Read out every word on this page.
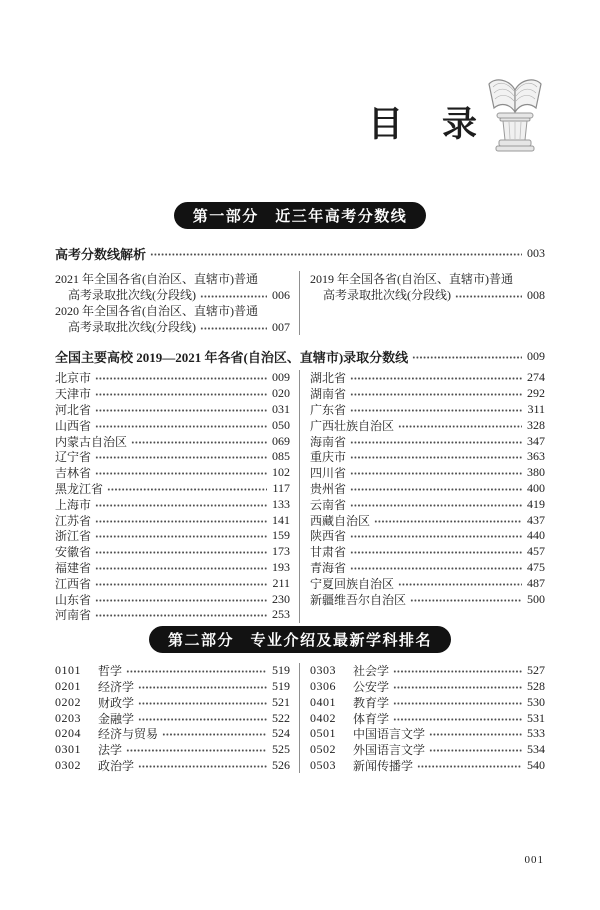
目　录
第一部分　近三年高考分数线
高考分数线解析	003
2021 年全国各省(自治区、直辖市)普通
高考录取批次线(分段线)	006
2020 年全国各省(自治区、直辖市)普通
高考录取批次线(分段线)	007
2019 年全国各省(自治区、直辖市)普通
高考录取批次线(分段线)	008
全国主要高校 2019—2021 年各省(自治区、直辖市)录取分数线	009
北京市	009
天津市	020
河北省	031
山西省	050
内蒙古自治区	069
辽宁省	085
吉林省	102
黑龙江省	117
上海市	133
江苏省	141
浙江省	159
安徽省	173
福建省	193
江西省	211
山东省	230
河南省	253
湖北省	274
湖南省	292
广东省	311
广西壮族自治区	328
海南省	347
重庆市	363
四川省	380
贵州省	400
云南省	419
西藏自治区	437
陕西省	440
甘肃省	457
青海省	475
宁夏回族自治区	487
新疆维吾尔自治区	500
第二部分　专业介绍及最新学科排名
0101	哲学	519
0201	经济学	519
0202	财政学	521
0203	金融学	522
0204	经济与贸易	524
0301	法学	525
0302	政治学	526
0303	社会学	527
0306	公安学	528
0401	教育学	530
0402	体育学	531
0501	中国语言文学	533
0502	外国语言文学	534
0503	新闻传播学	540
001
